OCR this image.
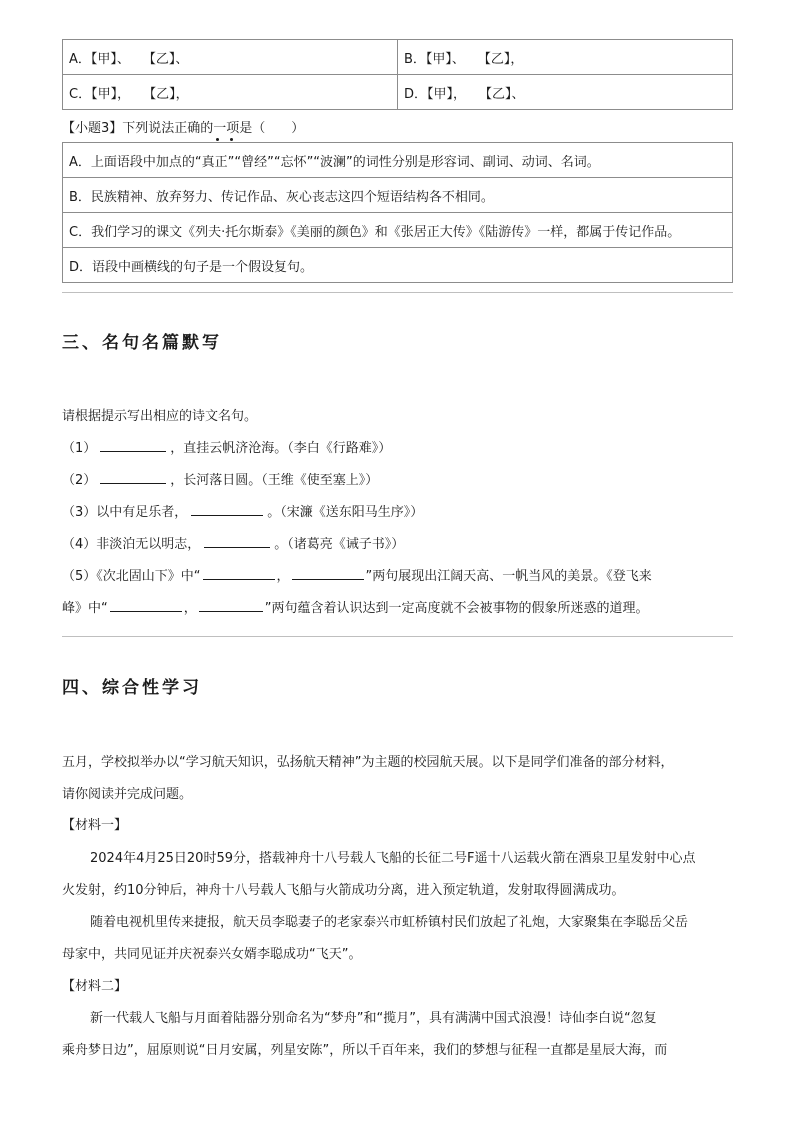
A．【甲】、　　【乙】、	B．【甲】、　　【乙】，
C．【甲】，　　【乙】，	D．【甲】，　　【乙】、
【小题3】下列说法正确的一项是（　　）
A．上面语段中加点的“真正”“曾经”“忘怀”“波澜”的词性分别是形容词、副词、动词、名词。
B．民族精神、放弃努力、传记作品、灰心丧志这四个短语结构各不相同。
C．我们学习的课文《列夫·托尔斯泰》《美丽的颜色》和《张居正大传》《陆游传》一样，都属于传记作品。
D．语段中画横线的句子是一个假设复句。
三、名句名篇默写
请根据提示写出相应的诗文名句。
（1）	，直挂云帆济沧海。（李白《行路难》）
（2）	，长河落日圆。（王维《使至塞上》）
（3）以中有足乐者，	。（宋濂《送东阳马生序》）
（4）非淡泊无以明志，	。（诸葛亮《诫子书》）
（5）《次北固山下》中“	，	”两句展现出江阔天高、一帆当风的美景。《登飞来
峰》中“	，	”两句蕴含着认识达到一定高度就不会被事物的假象所迷惑的道理。
四、综合性学习
五月，学校拟举办以“学习航天知识，弘扬航天精神”为主题的校园航天展。以下是同学们准备的部分材料，
请你阅读并完成问题。
【材料一】
2024年4月25日20时59分，搭载神舟十八号载人飞船的长征二号F遥十八运载火箭在酒泉卫星发射中心点
火发射，约10分钟后，神舟十八号载人飞船与火箭成功分离，进入预定轨道，发射取得圆满成功。
随着电视机里传来捷报，航天员李聪妻子的老家泰兴市虹桥镇村民们放起了礼炮，大家聚集在李聪岳父岳
母家中，共同见证并庆祝泰兴女婿李聪成功“飞天”。
【材料二】
新一代载人飞船与月面着陆器分别命名为“梦舟”和“揽月”，具有满满中国式浪漫！诗仙李白说“忽复
乘舟梦日边”，屈原则说“日月安属，列星安陈”，所以千百年来，我们的梦想与征程一直都是星辰大海，而
